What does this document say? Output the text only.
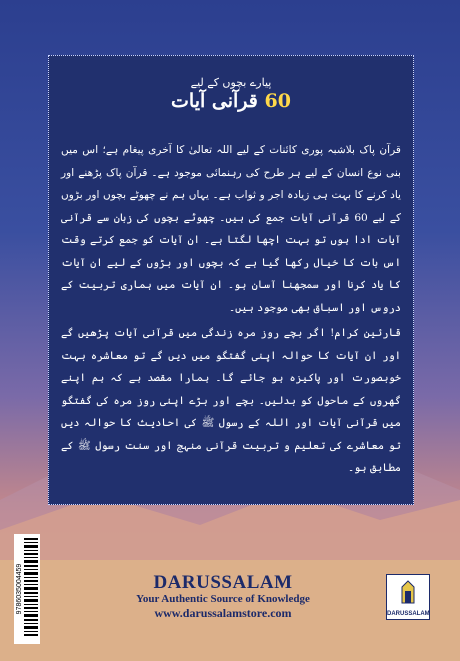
پیارے بچوں کے لیے
60 قرآنی آیات

قرآن پاک بلاشبہ پوری کائنات کے لیے اللہ تعالیٰ کا آخری پیغام ہے؛ اس میں بنی نوع انسان کے لیے ہر طرح کی رہنمائی موجود ہے۔ قرآن پاک پڑھنے اور یاد کرنے کا بہت ہی زیادہ اجر و ثواب ہے۔ یہاں ہم نے چھوٹے بچوں اور بڑوں کے لیے 60 قرآنی آیات جمع کی ہیں۔ چھوٹے بچوں کی زبان سے قرآنی آیات ادا ہوں تو بہت اچھا لگتا ہے۔ ان آیات کو جمع کرتے وقت اس بات کا خیال رکھا گیا ہے کہ بچوں اور بڑوں کے لیے ان آیات کا یاد کرنا اور سمجھنا آسان ہو۔ ان آیات میں ہماری تربیت کے دروس اور اسباق بھی موجود ہیں۔

قارئین کرام! اگر بچے روز مرہ زندگی میں قرآنی آیات پڑھیں گے اور ان آیات کا حوالہ اپنی گفتگو میں دیں گے تو معاشرہ بہت خوبصورت اور پاکیزہ ہو جائے گا۔ ہمارا مقصد ہے کہ ہم اپنے گھروں کے ماحول کو بدلیں۔ بچے اور بڑے اپنی روز مرہ کی گفتگو میں قرآنی آیات اور اللہ کے رسول ﷺ کی احادیث کا حوالہ دیں تو معاشرے کی تعلیم و تربیت قرآنی منہج اور سنت رسول ﷺ کے مطابق ہو۔

9786035004459	DARUSSALAM
Your Authentic Source of Knowledge
www.darussalamstore.com	DARUSSALAM
